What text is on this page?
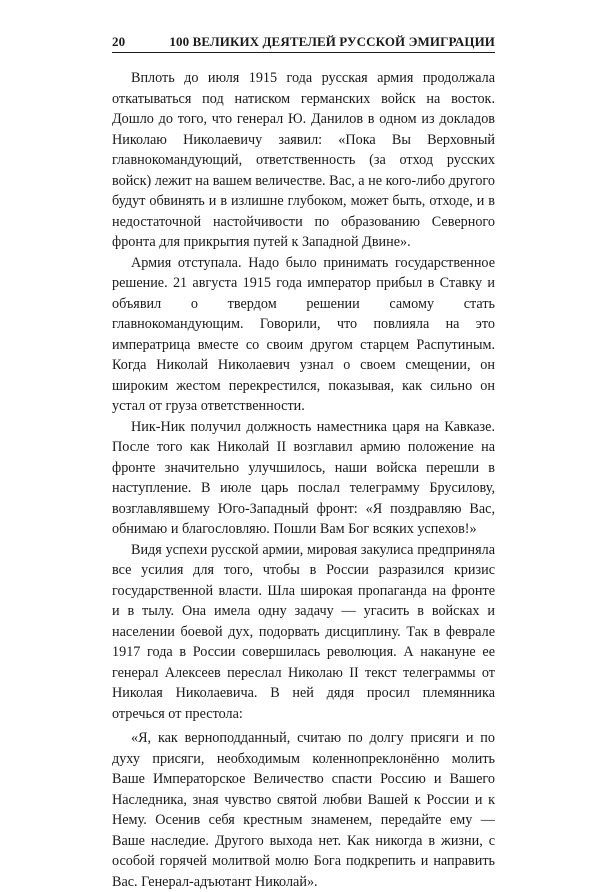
20	100 ВЕЛИКИХ ДЕЯТЕЛЕЙ РУССКОЙ ЭМИГРАЦИИ

Вплоть до июля 1915 года русская армия продолжала откатываться под натиском германских войск на восток. Дошло до того, что генерал Ю. Данилов в одном из докладов Николаю Николаевичу заявил: «Пока Вы Верховный главнокомандующий, ответственность (за отход русских войск) лежит на вашем величестве. Вас, а не кого-либо другого будут обвинять и в излишне глубоком, может быть, отходе, и в недостаточной настойчивости по образованию Северного фронта для прикрытия путей к Западной Двине».

Армия отступала. Надо было принимать государственное решение. 21 августа 1915 года император прибыл в Ставку и объявил о твердом решении самому стать главнокомандующим. Говорили, что повлияла на это императрица вместе со своим другом старцем Распутиным. Когда Николай Николаевич узнал о своем смещении, он широким жестом перекрестился, показывая, как сильно он устал от груза ответственности.

Ник-Ник получил должность наместника царя на Кавказе. После того как Николай II возглавил армию положение на фронте значительно улучшилось, наши войска перешли в наступление. В июле царь послал телеграмму Брусилову, возглавлявшему Юго-Западный фронт: «Я поздравляю Вас, обнимаю и благословляю. Пошли Вам Бог всяких успехов!»

Видя успехи русской армии, мировая закулиса предприняла все усилия для того, чтобы в России разразился кризис государственной власти. Шла широкая пропаганда на фронте и в тылу. Она имела одну задачу — угасить в войсках и населении боевой дух, подорвать дисциплину. Так в феврале 1917 года в России совершилась революция. А накануне ее генерал Алексеев переслал Николаю II текст телеграммы от Николая Николаевича. В ней дядя просил племянника отречься от престола:

«Я, как верноподданный, считаю по долгу присяги и по духу присяги, необходимым коленнопреклонённо молить Ваше Императорское Величество спасти Россию и Вашего Наследника, зная чувство святой любви Вашей к России и к Нему. Осенив себя крестным знаменем, передайте ему — Ваше наследие. Другого выхода нет. Как никогда в жизни, с особой горячей молитвой молю Бога подкрепить и направить Вас. Генерал-адъютант Николай».
